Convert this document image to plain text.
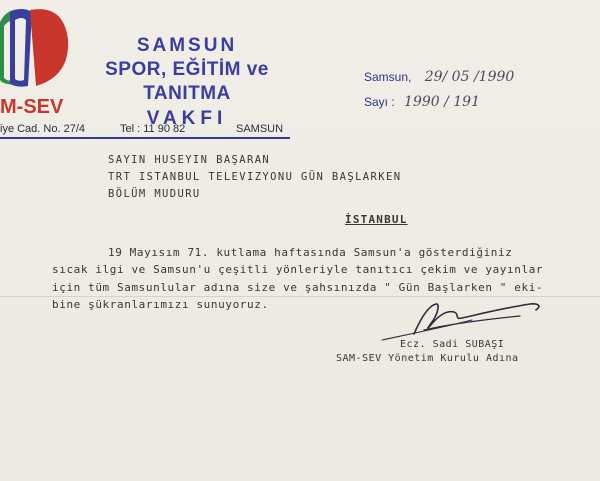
M-SEV
SAMSUN
SPOR, EĞİTİM ve TANITMA
VAKFI
iye Cad. No. 27/4	Tel : 11 90 82	SAMSUN
Samsun, 29/ 05 /1990
Sayı : 1990 / 191
SAYIN HUSEYIN BAŞARAN
TRT ISTANBUL TELEVIZYONU GÜN BAŞLARKEN
BÖLÜM MUDURU
İSTANBUL
19 Mayısım 71. kutlama haftasında Samsun'a gösterdiğiniz
sıcak ilgi ve Samsun'u çeşitli yönleriyle tanıtıcı çekim ve yayınlar
için tüm Samsunlular adına size ve şahsınızda " Gün Başlarken " eki-
bine şükranlarımızı sunuyoruz.
Ecz. Sadi SUBAŞI
SAM-SEV Yönetim Kurulu Adına
